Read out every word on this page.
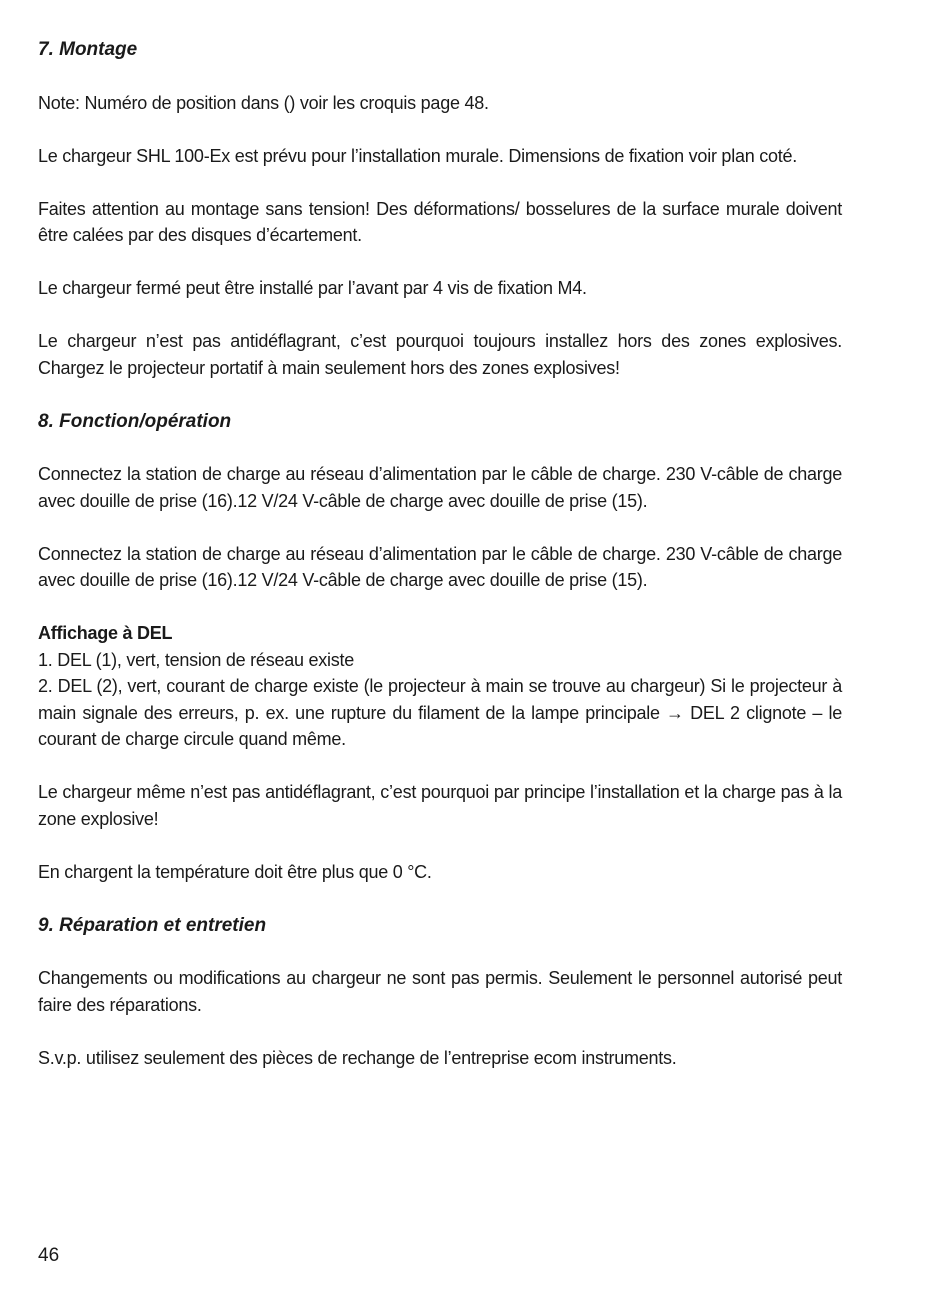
7. Montage

Note: Numéro de position dans () voir les croquis page 48.

Le chargeur SHL 100-Ex est prévu pour l’installation murale. Dimensions de fixation voir plan coté.

Faites attention au montage sans tension! Des déformations/ bosselures de la surface murale doivent être calées par des disques d’écartement.

Le chargeur fermé peut être installé par l’avant par 4 vis de fixation M4.

Le chargeur n’est pas antidéflagrant, c’est pourquoi toujours installez hors des zones explosives. Chargez le projecteur portatif à main seulement hors des zones explosives!

8. Fonction/opération

Connectez la station de charge au réseau d’alimentation par le câble de charge. 230 V-câble de charge avec douille de prise (16).12 V/24 V-câble de charge avec douille de prise (15).

Connectez la station de charge au réseau d’alimentation par le câble de charge. 230 V-câble de charge avec douille de prise (16).12 V/24 V-câble de charge avec douille de prise (15).

Affichage à DEL

1. DEL (1), vert, tension de réseau existe

2. DEL (2), vert, courant de charge existe (le projecteur à main se trouve au chargeur) Si le projecteur à main signale des erreurs, p. ex. une rupture du filament de la lampe principale → DEL 2 clignote – le courant de charge circule quand même.

Le chargeur même n’est pas antidéflagrant, c’est pourquoi par principe l’installation et la charge pas à la zone explosive!

En chargent la température doit être plus que 0 °C.

9. Réparation et entretien

Changements ou modifications au chargeur ne sont pas permis. Seulement le personnel autorisé peut faire des réparations.

S.v.p. utilisez seulement des pièces de rechange de l’entreprise ecom instruments.

46
